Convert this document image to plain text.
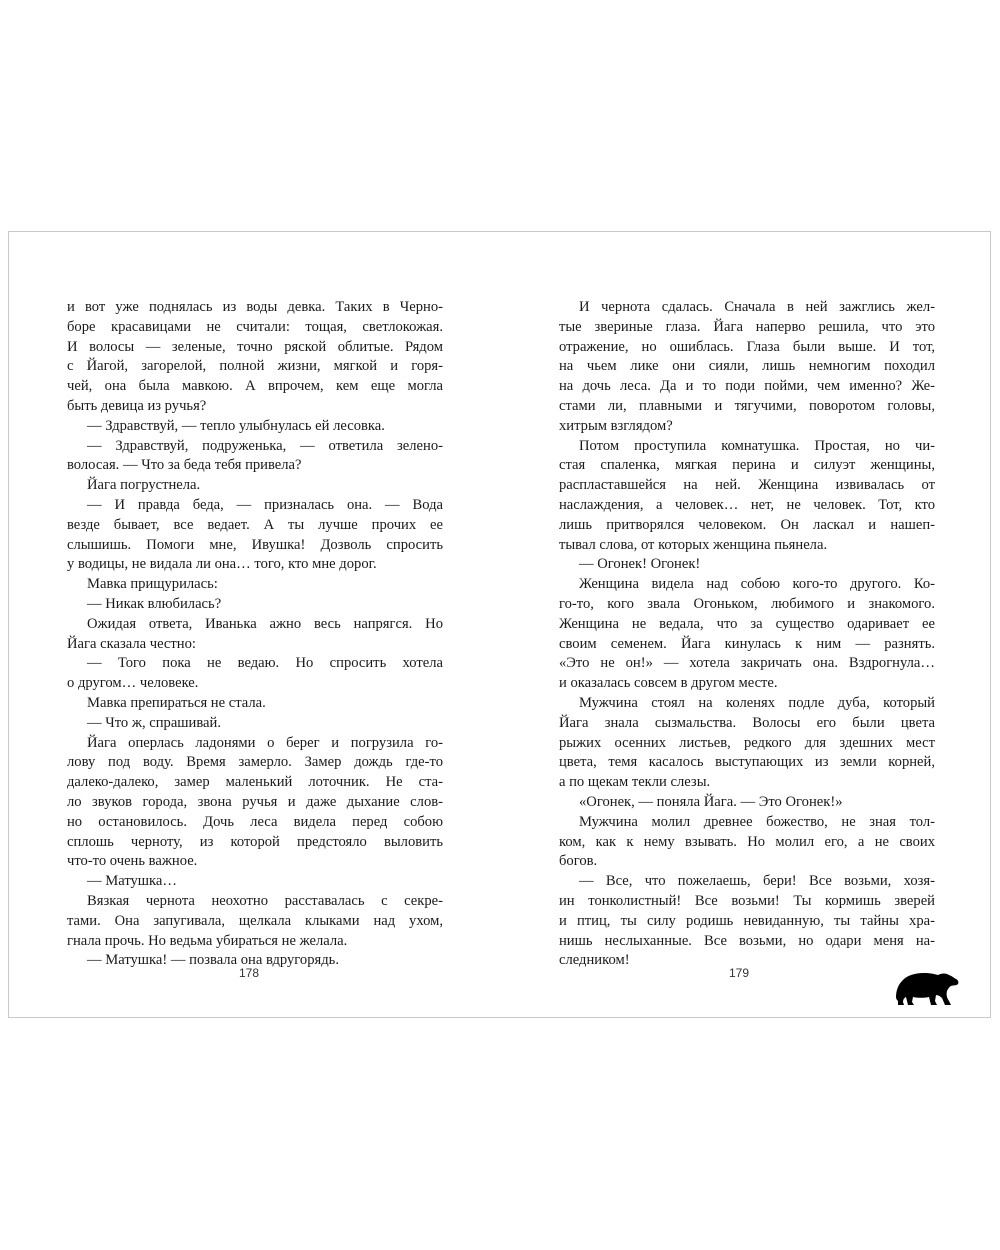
и вот уже поднялась из воды девка. Таких в Черно-
боре красавицами не считали: тощая, светлокожая.
И волосы — зеленые, точно ряской облитые. Рядом
с Йагой, загорелой, полной жизни, мягкой и горя-
чей, она была мавкою. А впрочем, кем еще могла
быть девица из ручья?
— Здравствуй, — тепло улыбнулась ей лесовка.
— Здравствуй, подруженька, — ответила зелено-
волосая. — Что за беда тебя привела?
Йага погрустнела.
— И правда беда, — призналась она. — Вода
везде бывает, все ведает. А ты лучше прочих ее
слышишь. Помоги мне, Ивушка! Дозволь спросить
у водицы, не видала ли она… того, кто мне дорог.
Мавка прищурилась:
— Никак влюбилась?
Ожидая ответа, Иванька ажно весь напрягся. Но
Йага сказала честно:
— Того пока не ведаю. Но спросить хотела
о другом… человеке.
Мавка препираться не стала.
— Что ж, спрашивай.
Йага оперлась ладонями о берег и погрузила го-
лову под воду. Время замерло. Замер дождь где-то
далеко-далеко, замер маленький лоточник. Не ста-
ло звуков города, звона ручья и даже дыхание слов-
но остановилось. Дочь леса видела перед собою
сплошь черноту, из которой предстояло выловить
что-то очень важное.
— Матушка…
Вязкая чернота неохотно расставалась с секре-
тами. Она запугивала, щелкала клыками над ухом,
гнала прочь. Но ведьма убираться не желала.
— Матушка! — позвала она вдругорядь.
И чернота сдалась. Сначала в ней зажглись жел-
тые звериные глаза. Йага наперво решила, что это
отражение, но ошиблась. Глаза были выше. И тот,
на чьем лике они сияли, лишь немногим походил
на дочь леса. Да и то поди пойми, чем именно? Же-
стами ли, плавными и тягучими, поворотом головы,
хитрым взглядом?
Потом проступила комнатушка. Простая, но чи-
стая спаленка, мягкая перина и силуэт женщины,
распластавшейся на ней. Женщина извивалась от
наслаждения, а человек… нет, не человек. Тот, кто
лишь притворялся человеком. Он ласкал и нашеп-
тывал слова, от которых женщина пьянела.
— Огонек! Огонек!
Женщина видела над собою кого-то другого. Ко-
го-то, кого звала Огоньком, любимого и знакомого.
Женщина не ведала, что за существо одаривает ее
своим семенем. Йага кинулась к ним — разнять.
«Это не он!» — хотела закричать она. Вздрогнула…
и оказалась совсем в другом месте.
Мужчина стоял на коленях подле дуба, который
Йага знала сызмальства. Волосы его были цвета
рыжих осенних листьев, редкого для здешних мест
цвета, темя касалось выступающих из земли корней,
а по щекам текли слезы.
«Огонек, — поняла Йага. — Это Огонек!»
Мужчина молил древнее божество, не зная тол-
ком, как к нему взывать. Но молил его, а не своих
богов.
— Все, что пожелаешь, бери! Все возьми, хозя-
ин тонколистный! Все возьми! Ты кормишь зверей
и птиц, ты силу родишь невиданную, ты тайны хра-
нишь неслыханные. Все возьми, но одари меня на-
следником!
178	179
